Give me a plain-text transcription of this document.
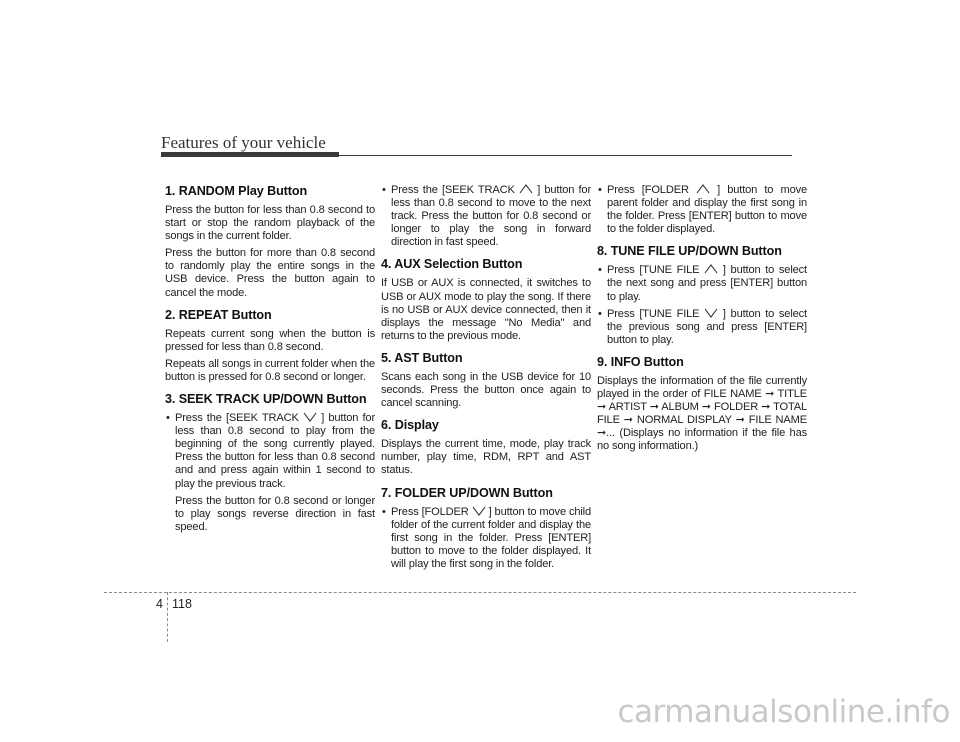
Features of your vehicle
1. RANDOM Play Button

Press the button for less than 0.8 second to start or stop the random playback of the songs in the current folder.

Press the button for more than 0.8 second to randomly play the entire songs in the USB device. Press the button again to cancel the mode.

2. REPEAT Button

Repeats current song when the button is pressed for less than 0.8 second.

Repeats all songs in current folder when the button is pressed for 0.8 second or longer.

3. SEEK TRACK UP/DOWN Button
• Press the [SEEK TRACK ] button for less than 0.8 second to play from the beginning of the song currently played. Press the button for less than 0.8 second and and press again within 1 second to play the previous track.

Press the button for 0.8 second or longer to play songs reverse direction in fast speed.

• Press the [SEEK TRACK ] button for less than 0.8 second to move to the next track. Press the button for 0.8 second or longer to play the song in forward direction in fast speed.
4. AUX Selection Button

If USB or AUX is connected, it switches to USB or AUX mode to play the song. If there is no USB or AUX device connected, then it displays the message "No Media" and returns to the previous mode.

5. AST Button

Scans each song in the USB device for 10 seconds. Press the button once again to cancel scanning.

6. Display

Displays the current time, mode, play track number, play time, RDM, RPT and AST status.

7. FOLDER UP/DOWN Button
• Press [FOLDER ] button to move child folder of the current folder and display the first song in the folder. Press [ENTER] button to move to the folder displayed. It will play the first song in the folder.
• Press [FOLDER	] button to move parent folder and display the first song in the folder. Press [ENTER] button to move to the folder displayed.
8. TUNE FILE UP/DOWN Button
• Press [TUNE FILE ] button to select the next song and press [ENTER] button to play.
• Press [TUNE FILE ] button to select the previous song and press [ENTER] button to play.
9. INFO Button

Displays the information of the file currently played in the order of FILE NAME ➞ TITLE ➞ ARTIST ➞ ALBUM ➞ FOLDER ➞ TOTAL FILE ➞ NORMAL DISPLAY ➞ FILE NAME ➞... (Displays no information if the file has no song information.)

4 118
carmanualsonline.info
